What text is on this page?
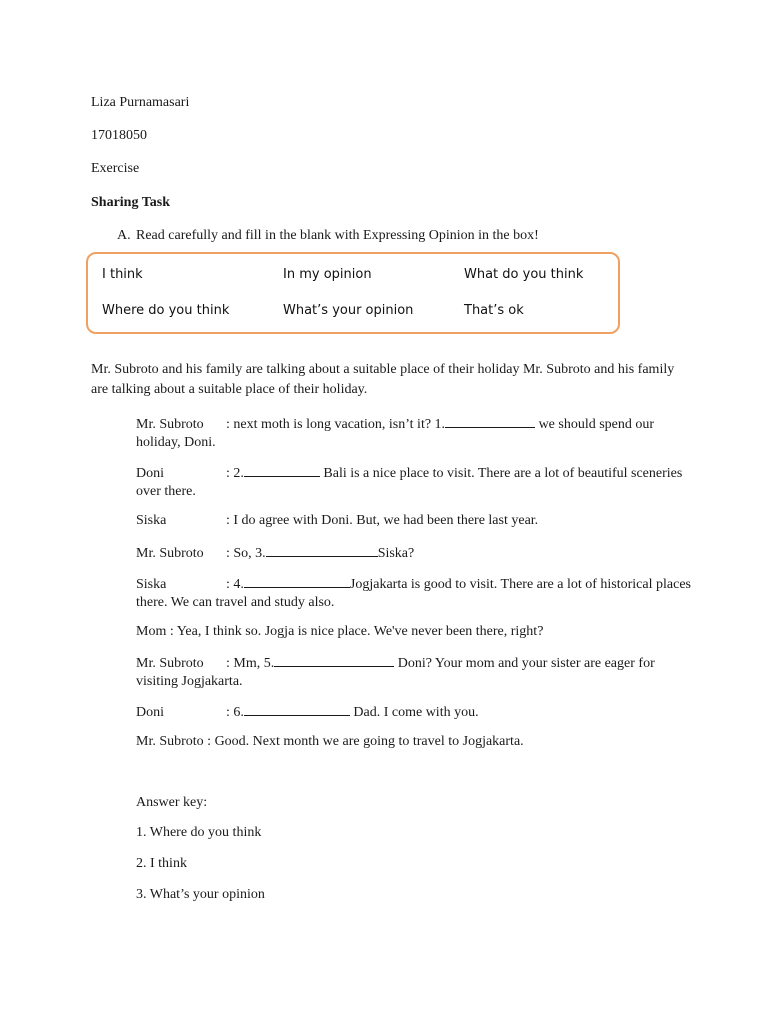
Liza Purnamasari
17018050
Exercise
Sharing Task
A. Read carefully and fill in the blank with Expressing Opinion in the box!
I think	In my opinion	What do you think
Where do you think	What’s your opinion	That’s ok
Mr. Subroto and his family are talking about a suitable place of their holiday Mr. Subroto and his family are talking about a suitable place of their holiday.
Mr. Subroto : next moth is long vacation, isn’t it? 1.	we should spend our holiday, Doni.
Doni	: 2.	Bali is a nice place to visit. There are a lot of beautiful sceneries over there.
Siska	: I do agree with Doni. But, we had been there last year.
Mr. Subroto : So, 3.	Siska?
Siska	: 4.	Jogjakarta is good to visit. There are a lot of historical places there. We can travel and study also.
Mom : Yea, I think so. Jogja is nice place. We've never been there, right?
Mr. Subroto : Mm, 5.	Doni? Your mom and your sister are eager for visiting Jogjakarta.
Doni	: 6.	Dad. I come with you.
Mr. Subroto : Good. Next month we are going to travel to Jogjakarta.
Answer key:
1. Where do you think
2. I think
3. What’s your opinion
